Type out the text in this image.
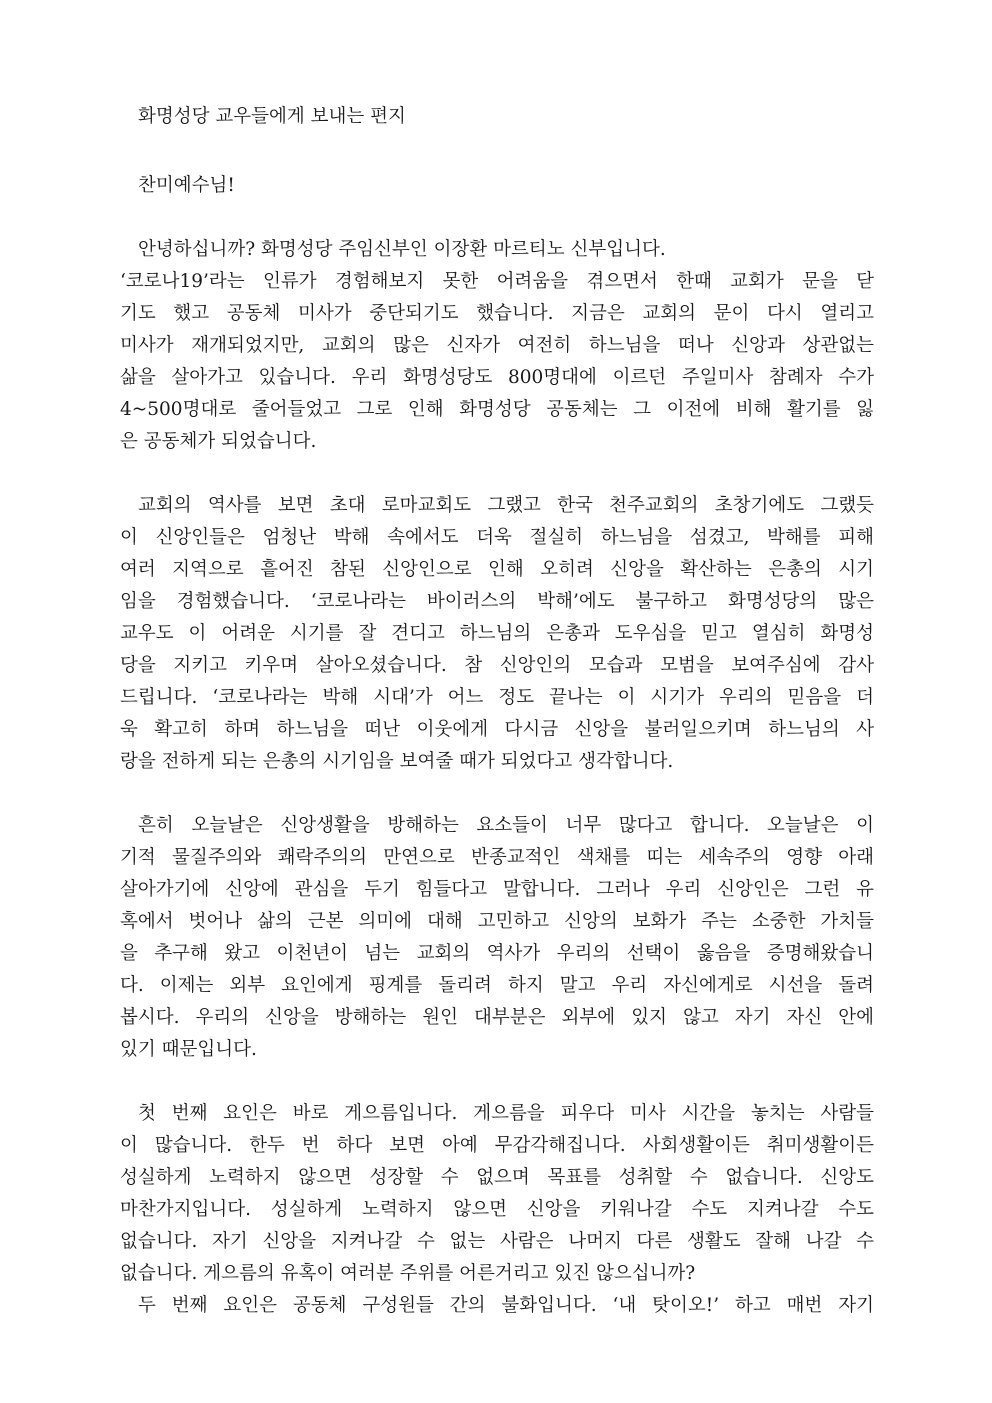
화명성당 교우들에게 보내는 편지
찬미예수님!
안녕하십니까? 화명성당 주임신부인 이장환 마르티노 신부입니다.
‘코로나19’라는 인류가 경험해보지 못한 어려움을 겪으면서 한때 교회가 문을 닫
기도 했고 공동체 미사가 중단되기도 했습니다. 지금은 교회의 문이 다시 열리고
미사가 재개되었지만, 교회의 많은 신자가 여전히 하느님을 떠나 신앙과 상관없는
삶을 살아가고 있습니다. 우리 화명성당도 800명대에 이르던 주일미사 참례자 수가
4~500명대로 줄어들었고 그로 인해 화명성당 공동체는 그 이전에 비해 활기를 잃
은 공동체가 되었습니다.
교회의 역사를 보면 초대 로마교회도 그랬고 한국 천주교회의 초창기에도 그랬듯
이 신앙인들은 엄청난 박해 속에서도 더욱 절실히 하느님을 섬겼고, 박해를 피해
여러 지역으로 흩어진 참된 신앙인으로 인해 오히려 신앙을 확산하는 은총의 시기
임을 경험했습니다. ‘코로나라는 바이러스의 박해’에도 불구하고 화명성당의 많은
교우도 이 어려운 시기를 잘 견디고 하느님의 은총과 도우심을 믿고 열심히 화명성
당을 지키고 키우며 살아오셨습니다. 참 신앙인의 모습과 모범을 보여주심에 감사
드립니다. ‘코로나라는 박해 시대’가 어느 정도 끝나는 이 시기가 우리의 믿음을 더
욱 확고히 하며 하느님을 떠난 이웃에게 다시금 신앙을 불러일으키며 하느님의 사
랑을 전하게 되는 은총의 시기임을 보여줄 때가 되었다고 생각합니다.
흔히 오늘날은 신앙생활을 방해하는 요소들이 너무 많다고 합니다. 오늘날은 이
기적 물질주의와 쾌락주의의 만연으로 반종교적인 색채를 띠는 세속주의 영향 아래
살아가기에 신앙에 관심을 두기 힘들다고 말합니다. 그러나 우리 신앙인은 그런 유
혹에서 벗어나 삶의 근본 의미에 대해 고민하고 신앙의 보화가 주는 소중한 가치들
을 추구해 왔고 이천년이 넘는 교회의 역사가 우리의 선택이 옳음을 증명해왔습니
다. 이제는 외부 요인에게 핑계를 돌리려 하지 말고 우리 자신에게로 시선을 돌려
봅시다. 우리의 신앙을 방해하는 원인 대부분은 외부에 있지 않고 자기 자신 안에
있기 때문입니다.
첫 번째 요인은 바로 게으름입니다. 게으름을 피우다 미사 시간을 놓치는 사람들
이 많습니다. 한두 번 하다 보면 아예 무감각해집니다. 사회생활이든 취미생활이든
성실하게 노력하지 않으면 성장할 수 없으며 목표를 성취할 수 없습니다. 신앙도
마찬가지입니다. 성실하게 노력하지 않으면 신앙을 키워나갈 수도 지켜나갈 수도
없습니다. 자기 신앙을 지켜나갈 수 없는 사람은 나머지 다른 생활도 잘해 나갈 수
없습니다. 게으름의 유혹이 여러분 주위를 어른거리고 있진 않으십니까?
두 번째 요인은 공동체 구성원들 간의 불화입니다. ‘내 탓이오!’ 하고 매번 자기
